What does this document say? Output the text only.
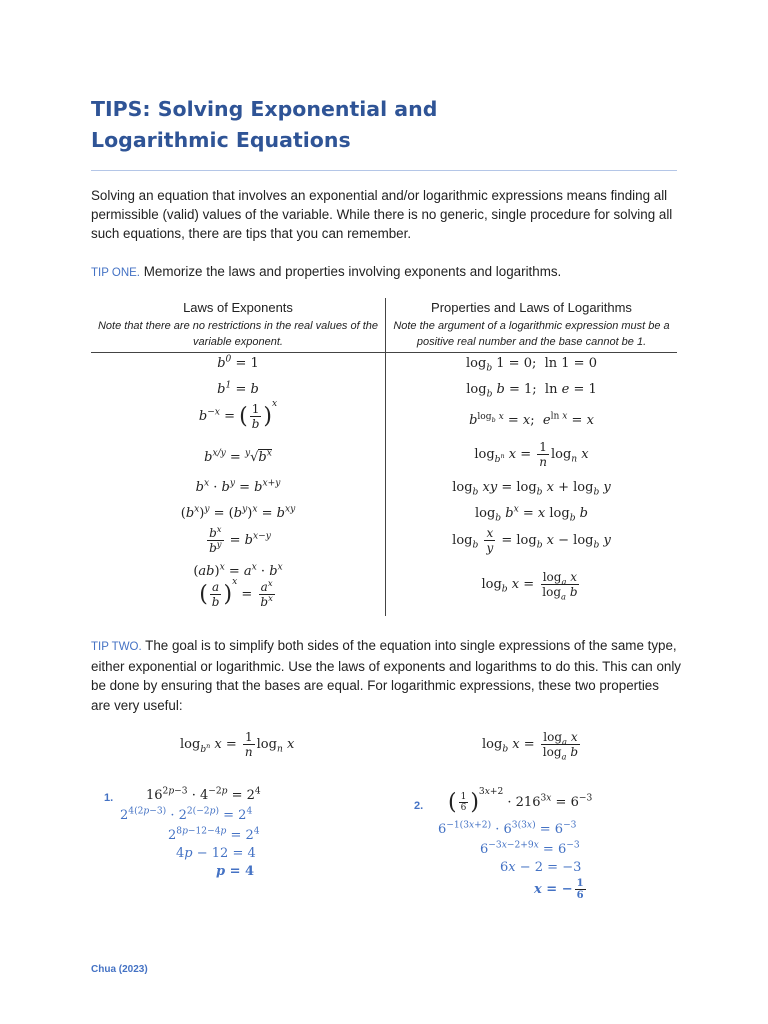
TIPS: Solving Exponential and
Logarithmic Equations
Solving an equation that involves an exponential and/or logarithmic expressions means finding all permissible (valid) values of the variable. While there is no generic, single procedure for solving all such equations, there are tips that you can remember.
TIP ONE. Memorize the laws and properties involving exponents and logarithms.
Laws of Exponents
Note that there are no restrictions in the real values of the variable exponent.
Properties and Laws of Logarithms
Note the argument of a logarithmic expression must be a positive real number and the base cannot be 1.
$b^0 = 1$
$b^1 = b$
$b^{-x}$ = ( $\frac{1}{b} )^x$
$b^{x/y} = ^y√b^x$
$b^x \cdot b^y = b^{x+y}$
$(b^x)^y = (b^y)^x = b^{xy}$
$\frac{b^x}{b^y} = b^{x-y}$
$(ab)^x = a^x \cdot b^x$
( $\frac{a}{b} )^x = \frac{a^x}{b^x}$
$\log_b 1 = 0$;  ln 1 = 0
$\log_b b = 1$;  ln e = 1
$b^{log_b x} = x$;  $e^{ln x} = x$
$\log_{b^n} x = \frac{1}{n} \log_n x$
$\log_b$ xy = $\log_b x + \log_b y$
$\log_b b^x = x$ $\log_b b$
$\log_b \frac{x}{y} = \log_b x - \log_b y$
$\log_b x = \frac{\log_a x}{\log_a b}$
TIP TWO. The goal is to simplify both sides of the equation into single expressions of the same type, either exponential or logarithmic. Use the laws of exponents and logarithms to do this. This can only be done by ensuring that the bases are equal. For logarithmic expressions, these two properties are very useful:
$\log_{b^n} x = \frac{1}{n} \log_n x$	$\log_b x = \frac{\log_a x}{\log_a b}$
1.	$16^{2p-3} \cdot 4^{-2p} = 2^4$
$2^{4(2p-3)} \cdot 2^{2(-2p)} = 2^4$
$2^{8p-12-4p} = 2^4$
4p − 12 = 4
p = 4
2. ( $\frac{1}{6} )^{3x+2} \cdot 216^{3x} = 6^{-3}$
$6^{-1(3x+2)} \cdot 6^{3(3x)} = 6^{-3}$
$6^{-3x-2+9x} = 6^{-3}$
6x − 2 = −3
x = − $\frac{1}{6}$
Chua (2023)
